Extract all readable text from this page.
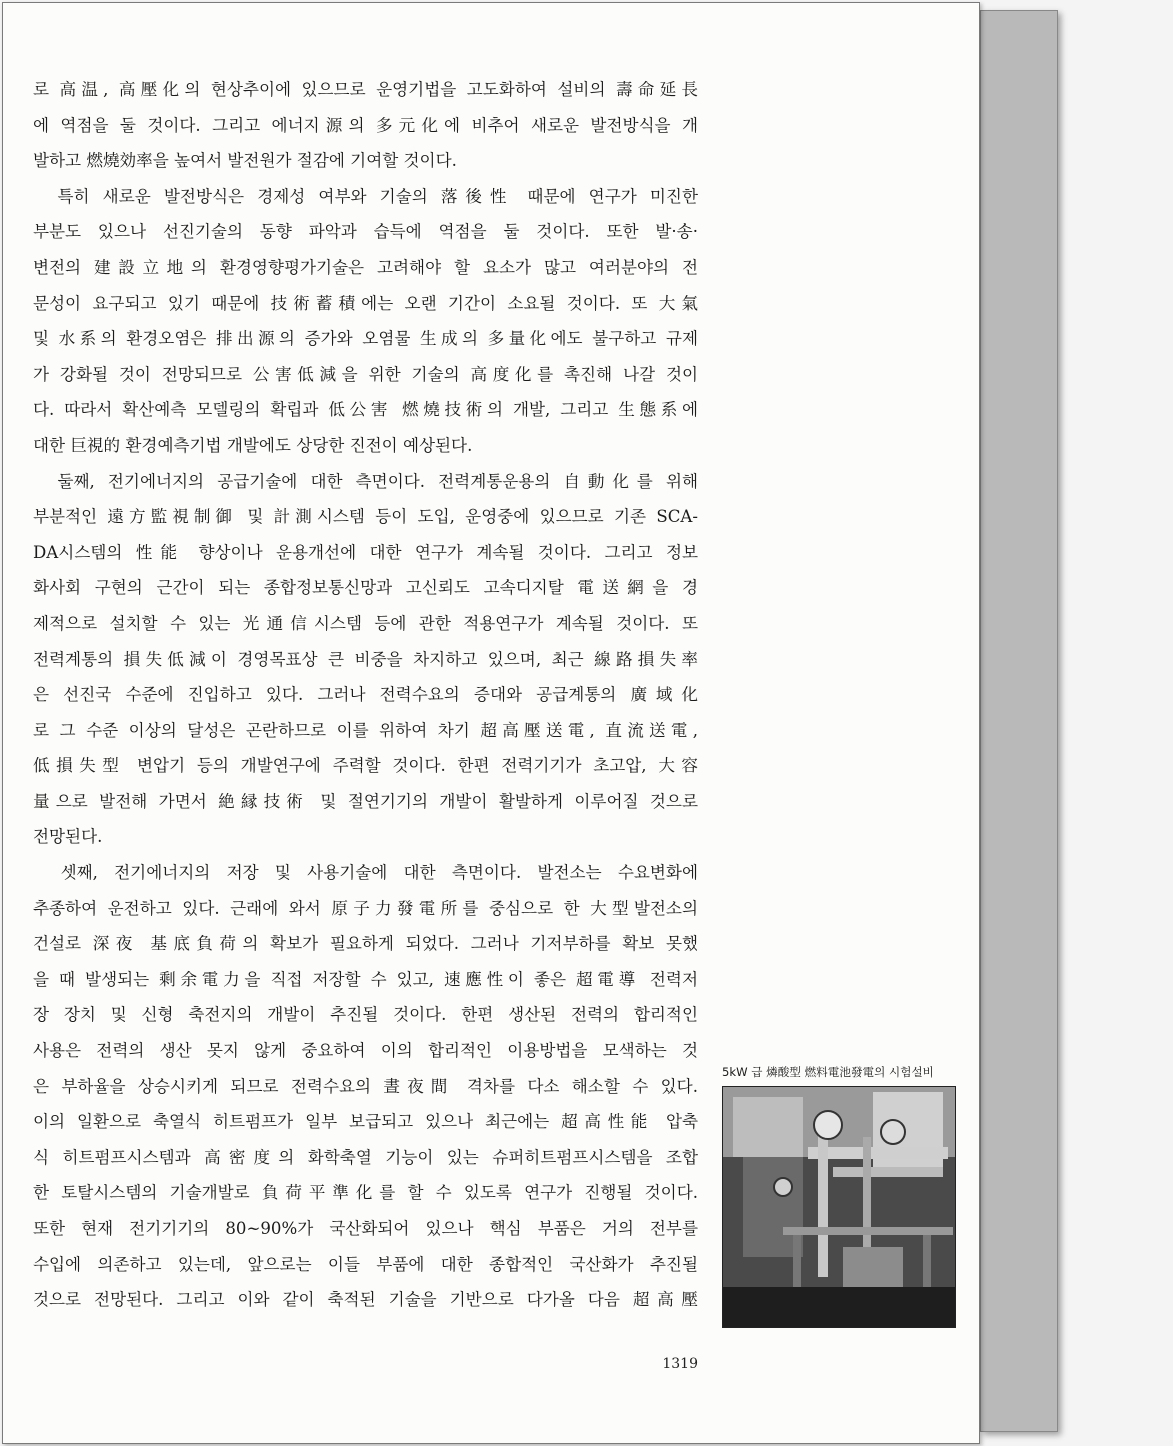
로 高温, 高壓化의 현상추이에 있으므로 운영기법을 고도화하여 설비의 壽命延長
에 역점을 둘 것이다. 그리고 에너지源의 多元化에 비추어 새로운 발전방식을 개
발하고 燃燒効率을 높여서 발전원가 절감에 기여할 것이다.
　특히 새로운 발전방식은 경제성 여부와 기술의 落後性 때문에 연구가 미진한
부분도 있으나 선진기술의 동향 파악과 습득에 역점을 둘 것이다. 또한 발·송·
변전의 建設立地의 환경영향평가기술은 고려해야 할 요소가 많고 여러분야의 전
문성이 요구되고 있기 때문에 技術蓄積에는 오랜 기간이 소요될 것이다. 또 大氣
및 水系의 환경오염은 排出源의 증가와 오염물 生成의 多量化에도 불구하고 규제
가 강화될 것이 전망되므로 公害低減을 위한 기술의 高度化를 촉진해 나갈 것이
다. 따라서 확산예측 모델링의 확립과 低公害 燃燒技術의 개발, 그리고 生態系에
대한 巨視的 환경예측기법 개발에도 상당한 진전이 예상된다.
　둘째, 전기에너지의 공급기술에 대한 측면이다. 전력계통운용의 自動化를 위해
부분적인 遠方監視制御 및 計測시스템 등이 도입, 운영중에 있으므로 기존 SCA-
DA시스템의 性能 향상이나 운용개선에 대한 연구가 계속될 것이다. 그리고 정보
화사회 구현의 근간이 되는 종합정보통신망과 고신뢰도 고속디지탈 電送網을 경
제적으로 설치할 수 있는 光通信시스템 등에 관한 적용연구가 계속될 것이다. 또
전력계통의 損失低減이 경영목표상 큰 비중을 차지하고 있으며, 최근 線路損失率
은 선진국 수준에 진입하고 있다. 그러나 전력수요의 증대와 공급계통의 廣域化
로 그 수준 이상의 달성은 곤란하므로 이를 위하여 차기 超高壓送電, 直流送電,
低損失型 변압기 등의 개발연구에 주력할 것이다. 한편 전력기기가 초고압, 大容
量으로 발전해 가면서 絶縁技術 및 절연기기의 개발이 활발하게 이루어질 것으로
전망된다.
　셋째, 전기에너지의 저장 및 사용기술에 대한 측면이다. 발전소는 수요변화에
추종하여 운전하고 있다. 근래에 와서 原子力發電所를 중심으로 한 大型발전소의
건설로 深夜 基底負荷의 확보가 필요하게 되었다. 그러나 기저부하를 확보 못했
을 때 발생되는 剩余電力을 직접 저장할 수 있고, 速應性이 좋은 超電導 전력저
장 장치 및 신형 축전지의 개발이 추진될 것이다. 한편 생산된 전력의 합리적인
사용은 전력의 생산 못지 않게 중요하여 이의 합리적인 이용방법을 모색하는 것
은 부하율을 상승시키게 되므로 전력수요의 晝夜間 격차를 다소 해소할 수 있다.
이의 일환으로 축열식 히트펌프가 일부 보급되고 있으나 최근에는 超高性能 압축
식 히트펌프시스템과 高密度의 화학축열 기능이 있는 슈퍼히트펌프시스템을 조합
한 토탈시스템의 기술개발로 負荷平準化를 할 수 있도록 연구가 진행될 것이다.
또한 현재 전기기기의 80~90%가 국산화되어 있으나 핵심 부품은 거의 전부를
수입에 의존하고 있는데, 앞으로는 이들 부품에 대한 종합적인 국산화가 추진될
것으로 전망된다. 그리고 이와 같이 축적된 기술을 기반으로 다가올 다음 超高壓
5kW 급 燐酸型 燃料電池發電의 시험설비
1319
